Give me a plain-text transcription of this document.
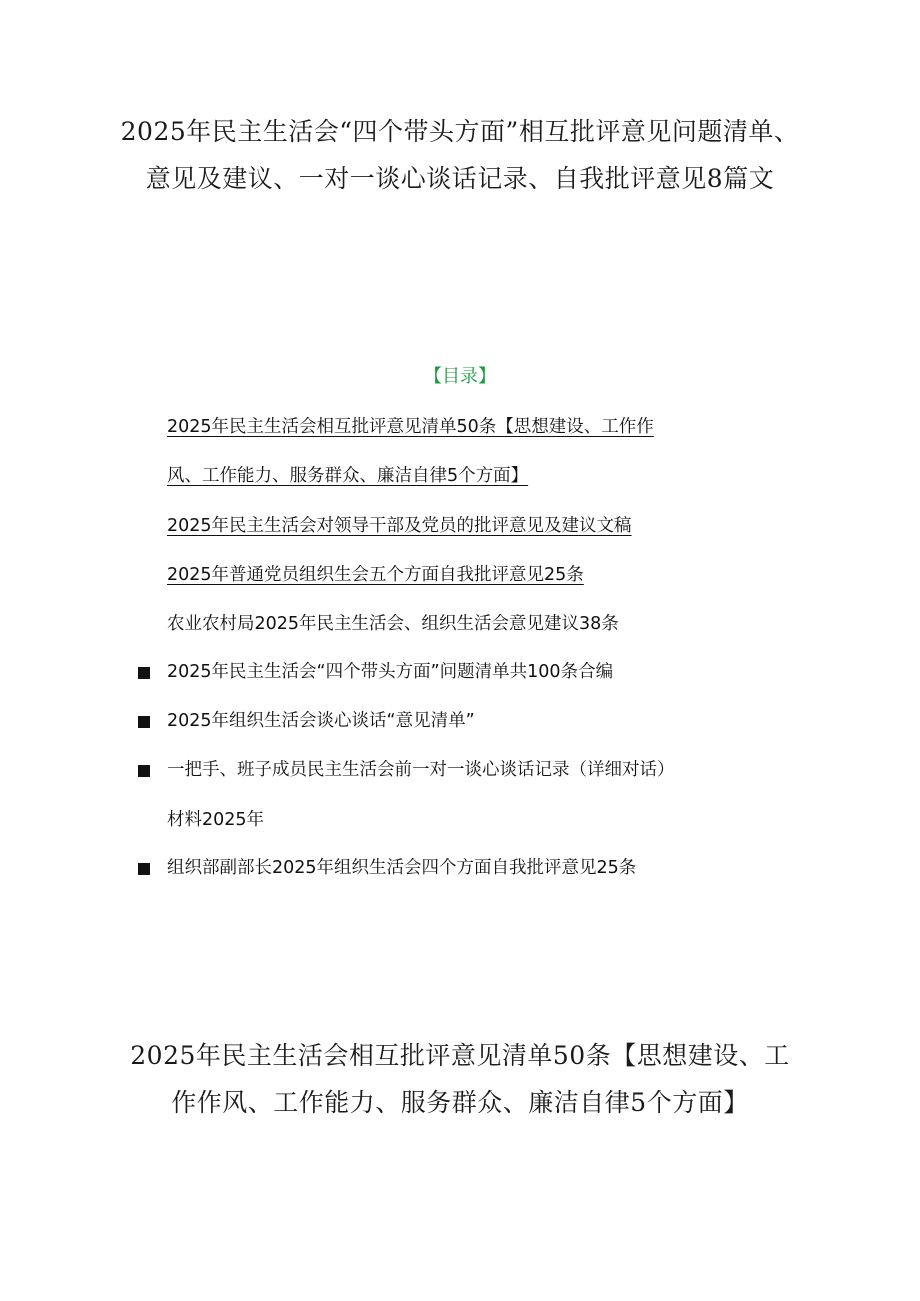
2025年民主生活会“四个带头方面”相互批评意见问题清单、意见及建议、一对一谈心谈话记录、自我批评意见8篇文
【目录】
2025年民主生活会相互批评意见清单50条【思想建设、工作作
风、工作能力、服务群众、廉洁自律5个方面】
2025年民主生活会对领导干部及党员的批评意见及建议文稿
2025年普通党员组织生会五个方面自我批评意见25条
农业农村局2025年民主生活会、组织生活会意见建议38条
2025年民主生活会“四个带头方面”问题清单共100条合编
2025年组织生活会谈心谈话“意见清单”
一把手、班子成员民主生活会前一对一谈心谈话记录（详细对话）
材料2025年
组织部副部长2025年组织生活会四个方面自我批评意见25条
2025年民主生活会相互批评意见清单50条【思想建设、工作作风、工作能力、服务群众、廉洁自律5个方面】
